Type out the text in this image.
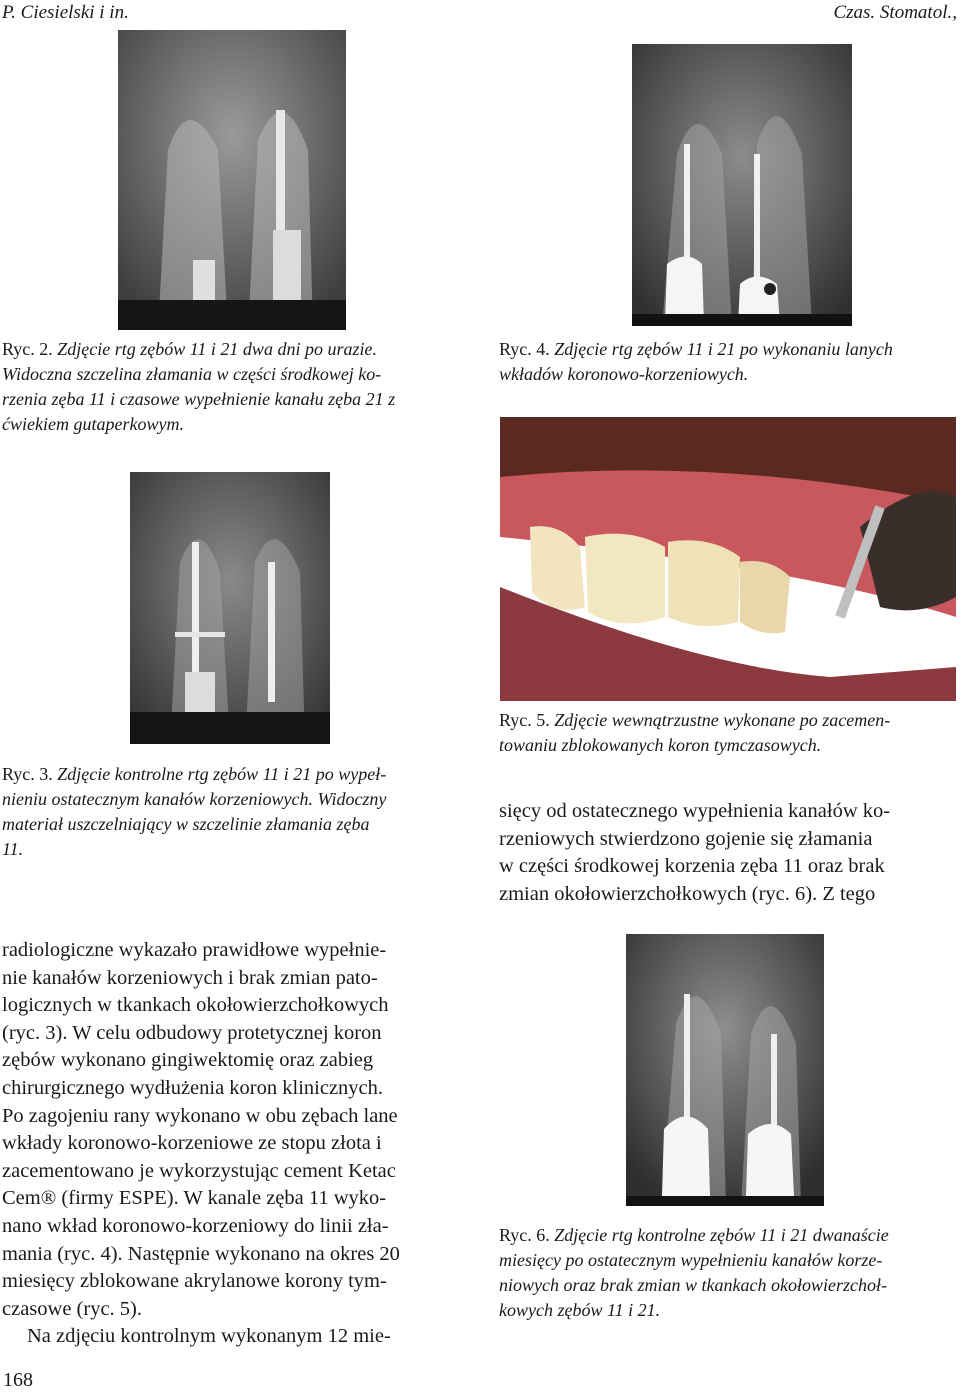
P. Ciesielski i in.	Czas. Stomatol.,

Ryc. 2. Zdjęcie rtg zębów 11 i 21 dwa dni po urazie.
Widoczna szczelina złamania w części środkowej ko-
rzenia zęba 11 i czasowe wypełnienie kanału zęba 21 z
ćwiekiem gutaperkowym.

Ryc. 4. Zdjęcie rtg zębów 11 i 21 po wykonaniu lanych
wkładów koronowo-korzeniowych.

Ryc. 5. Zdjęcie wewnątrzustne wykonane po zacemen-
towaniu zblokowanych koron tymczasowych.

Ryc. 3. Zdjęcie kontrolne rtg zębów 11 i 21 po wypeł-
nieniu ostatecznym kanałów korzeniowych. Widoczny
materiał uszczelniający w szczelinie złamania zęba
11.

sięcy od ostatecznego wypełnienia kanałów ko-
rzeniowych stwierdzono gojenie się złamania
w części środkowej korzenia zęba 11 oraz brak
zmian okołowierzchołkowych (ryc. 6). Z tego

Ryc. 6. Zdjęcie rtg kontrolne zębów 11 i 21 dwanaście
miesięcy po ostatecznym wypełnieniu kanałów korze-
niowych oraz brak zmian w tkankach okołowierzchoł-
kowych zębów 11 i 21.

radiologiczne wykazało prawidłowe wypełnie-
nie kanałów korzeniowych i brak zmian pato-
logicznych w tkankach okołowierzchołkowych
(ryc. 3). W celu odbudowy protetycznej koron
zębów wykonano gingiwektomię oraz zabieg
chirurgicznego wydłużenia koron klinicznych.
Po zagojeniu rany wykonano w obu zębach lane
wkłady koronowo-korzeniowe ze stopu złota i
zacementowano je wykorzystując cement Ketac
Cem® (firmy ESPE). W kanale zęba 11 wyko-
nano wkład koronowo-korzeniowy do linii zła-
mania (ryc. 4). Następnie wykonano na okres 20
miesięcy zblokowane akrylanowe korony tym-
czasowe (ryc. 5).

Na zdjęciu kontrolnym wykonanym 12 mie-

168
